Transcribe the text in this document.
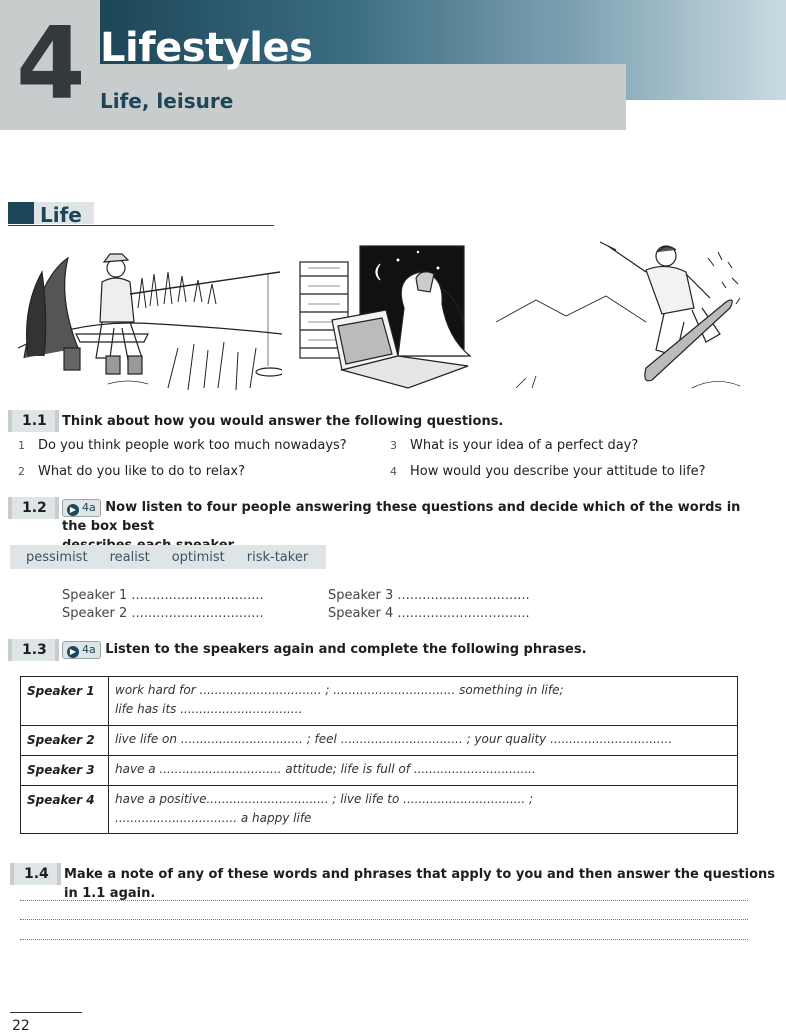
4 Lifestyles
Life, leisure
Life
1.1	Think about how you would answer the following questions.
1 Do you think people work too much nowadays?
2 What do you like to do to relax?
3 What is your idea of a perfect day?
4 How would you describe your attitude to life?
1.2	▶ 4a Now listen to four people answering these questions and decide which of the words in the box best

pessimist realist optimist risk-taker
Speaker 1 ................................
Speaker 2 ................................
Speaker 3 ................................
Speaker 4 ................................
1.3	▶ 4a Listen to the speakers again and complete the following phrases.
Speaker 1	work hard for ................................ ; ................................ something in life;
life has its ................................

Speaker 2	live life on ................................ ; feel ................................ ; your quality ................................

Speaker 3	have a ................................ attitude; life is full of ................................

Speaker 4	have a positive................................ ; live life to ................................ ;
................................ a happy life
1.4	Make a note of any of these words and phrases that apply to you and then answer the questions in 1.1 again.
22
